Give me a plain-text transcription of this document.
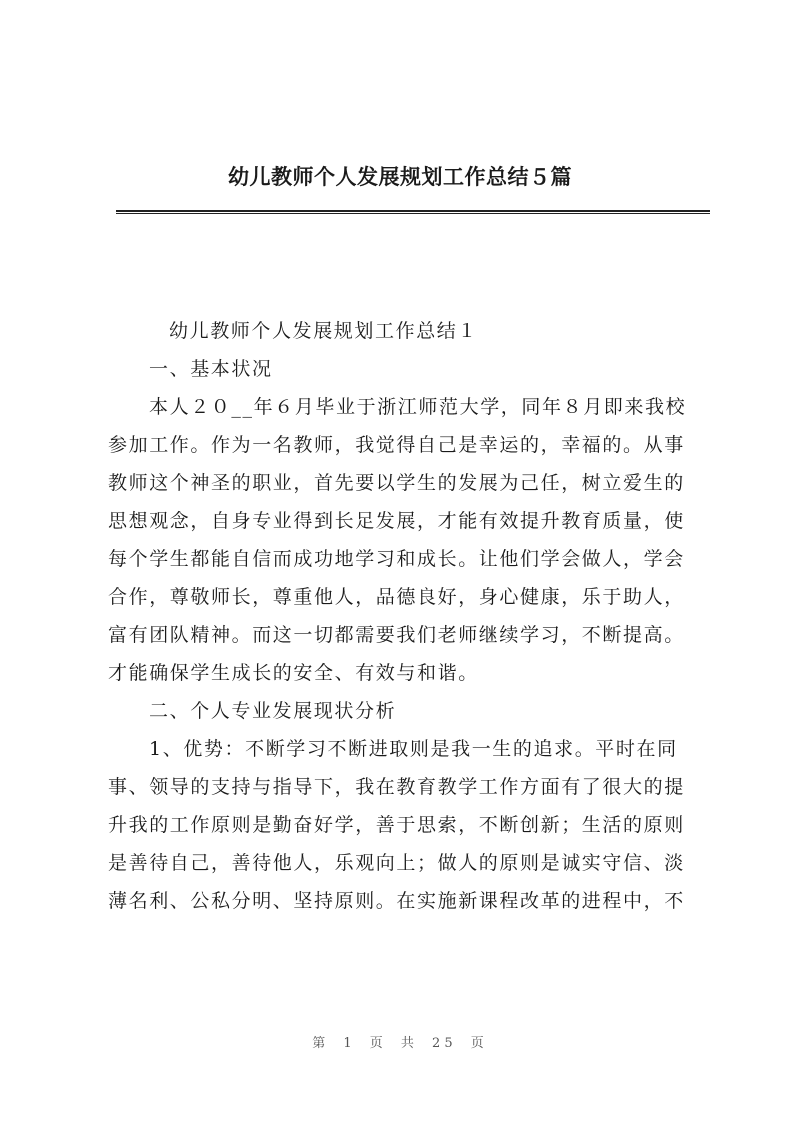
幼儿教师个人发展规划工作总结５篇
幼儿教师个人发展规划工作总结１
一、基本状况
本人２０__年６月毕业于浙江师范大学，同年８月即来我校
参加工作。作为一名教师，我觉得自己是幸运的，幸福的。从事
教师这个神圣的职业，首先要以学生的发展为己任，树立爱生的
思想观念，自身专业得到长足发展，才能有效提升教育质量，使
每个学生都能自信而成功地学习和成长。让他们学会做人，学会
合作，尊敬师长，尊重他人，品德良好，身心健康，乐于助人，
富有团队精神。而这一切都需要我们老师继续学习，不断提高。
才能确保学生成长的安全、有效与和谐。
二、个人专业发展现状分析
1、优势：不断学习不断进取则是我一生的追求。平时在同
事、领导的支持与指导下，我在教育教学工作方面有了很大的提
升我的工作原则是勤奋好学，善于思索，不断创新；生活的原则
是善待自己，善待他人，乐观向上；做人的原则是诚实守信、淡
薄名利、公私分明、坚持原则。在实施新课程改革的进程中，不
第 1 页 共 25 页
